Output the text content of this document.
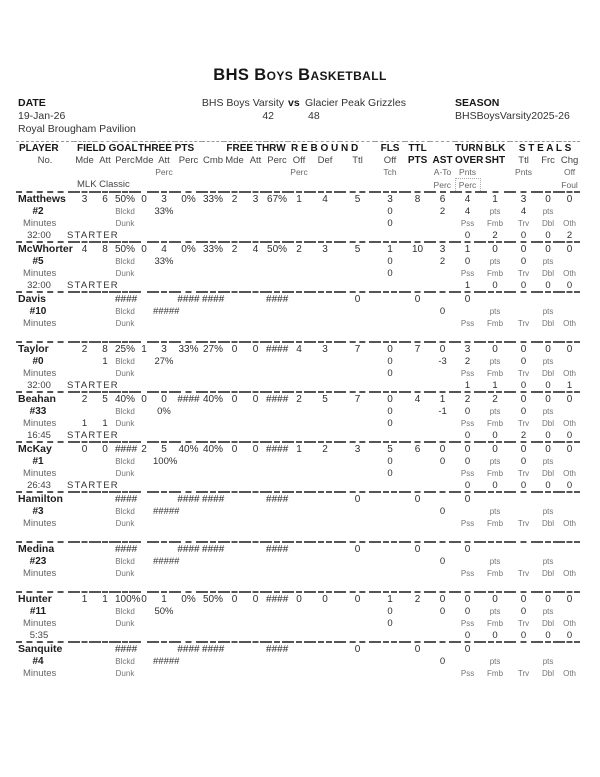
BHS Boys Basketball
DATE
19-Jan-26
Royal Brougham Pavilion
BHS Boys Varsity
42
vs Glacier Peak Grizzles
48
SEASON
BHSBoysVarsity2025-26
PLAYER	FIELD GOAL			THREE PTS				FREE THRW			R E B O U N D			FLS	TTL		TURN	BLK	S T E A L S		
No.	Mde	Att	Perc	Mde	Att	Perc	Cmb	Mde	Att	Perc	Off	Def	Ttl	Off	PTS	AST	OVER	SHT	Ttl	Frc	Chg
					Perc						Perc			Tch		A-To	Pnts		Pnts		Off
	MLK Classic															Perc	Perc				Foul
Matthews	3	6	50%	0	3	0%	33%	2	3	67%	1	4	5	3	8	6	4	1	3	0	0
#2			Blckd		33%									0		2	4	pts	4	pts	
Minutes			Dunk											0			Pss	Fmb	Trv	Dbl	Oth
32:00	STARTER																0	2	0	0	2
McWhorter	4	8	50%	0	4	0%	33%	2	4	50%	2	3	5	1	10	3	1	0	0	0	0
#5			Blckd		33%									0		2	0	pts	0	pts	
Minutes			Dunk											0			Pss	Fmb	Trv	Dbl	Oth
32:00	STARTER																1	0	0	0	0
Davis			####			####	####			####			0		0		0				
#10			Blckd		#####											0		pts		pts	
Minutes			Dunk														Pss	Fmb	Trv	Dbl	Oth

Taylor	2	8	25%	1	3	33%	27%	0	0	####	4	3	7	0	7	0	3	0	0	0	0
#0		1	Blckd		27%									0		-3	2	pts	0	pts	
Minutes			Dunk											0			Pss	Fmb	Trv	Dbl	Oth
32:00	STARTER																1	1	0	0	1
Beahan	2	5	40%	0	0	####	40%	0	0	####	2	5	7	0	4	1	2	2	0	0	0
#33			Blckd		0%									0		-1	0	pts	0	pts	
Minutes	1	1	Dunk											0			Pss	Fmb	Trv	Dbl	Oth
16:45	STARTER																0	0	2	0	0
McKay	0	0	####	2	5	40%	40%	0	0	####	1	2	3	5	6	0	0	0	0	0	0
#1			Blckd		100%									0		0	0	pts	0	pts	
Minutes			Dunk											0			Pss	Fmb	Trv	Dbl	Oth
26:43	STARTER																0	0	0	0	0
Hamilton			####			####	####			####			0		0		0				
#3			Blckd		#####											0		pts		pts	
Minutes			Dunk														Pss	Fmb	Trv	Dbl	Oth

Medina			####			####	####			####			0		0		0				
#23			Blckd		#####											0		pts		pts	
Minutes			Dunk														Pss	Fmb	Trv	Dbl	Oth

Hunter	1	1	100%	0	1	0%	50%	0	0	####	0	0	0	1	2	0	0	0	0	0	0
#11			Blckd		50%									0		0	0	pts	0	pts	
Minutes			Dunk											0			Pss	Fmb	Trv	Dbl	Oth
5:35																	0	0	0	0	0
Sanquite			####			####	####			####			0		0		0				
#4			Blckd		#####											0		pts		pts	
Minutes			Dunk														Pss	Fmb	Trv	Dbl	Oth
